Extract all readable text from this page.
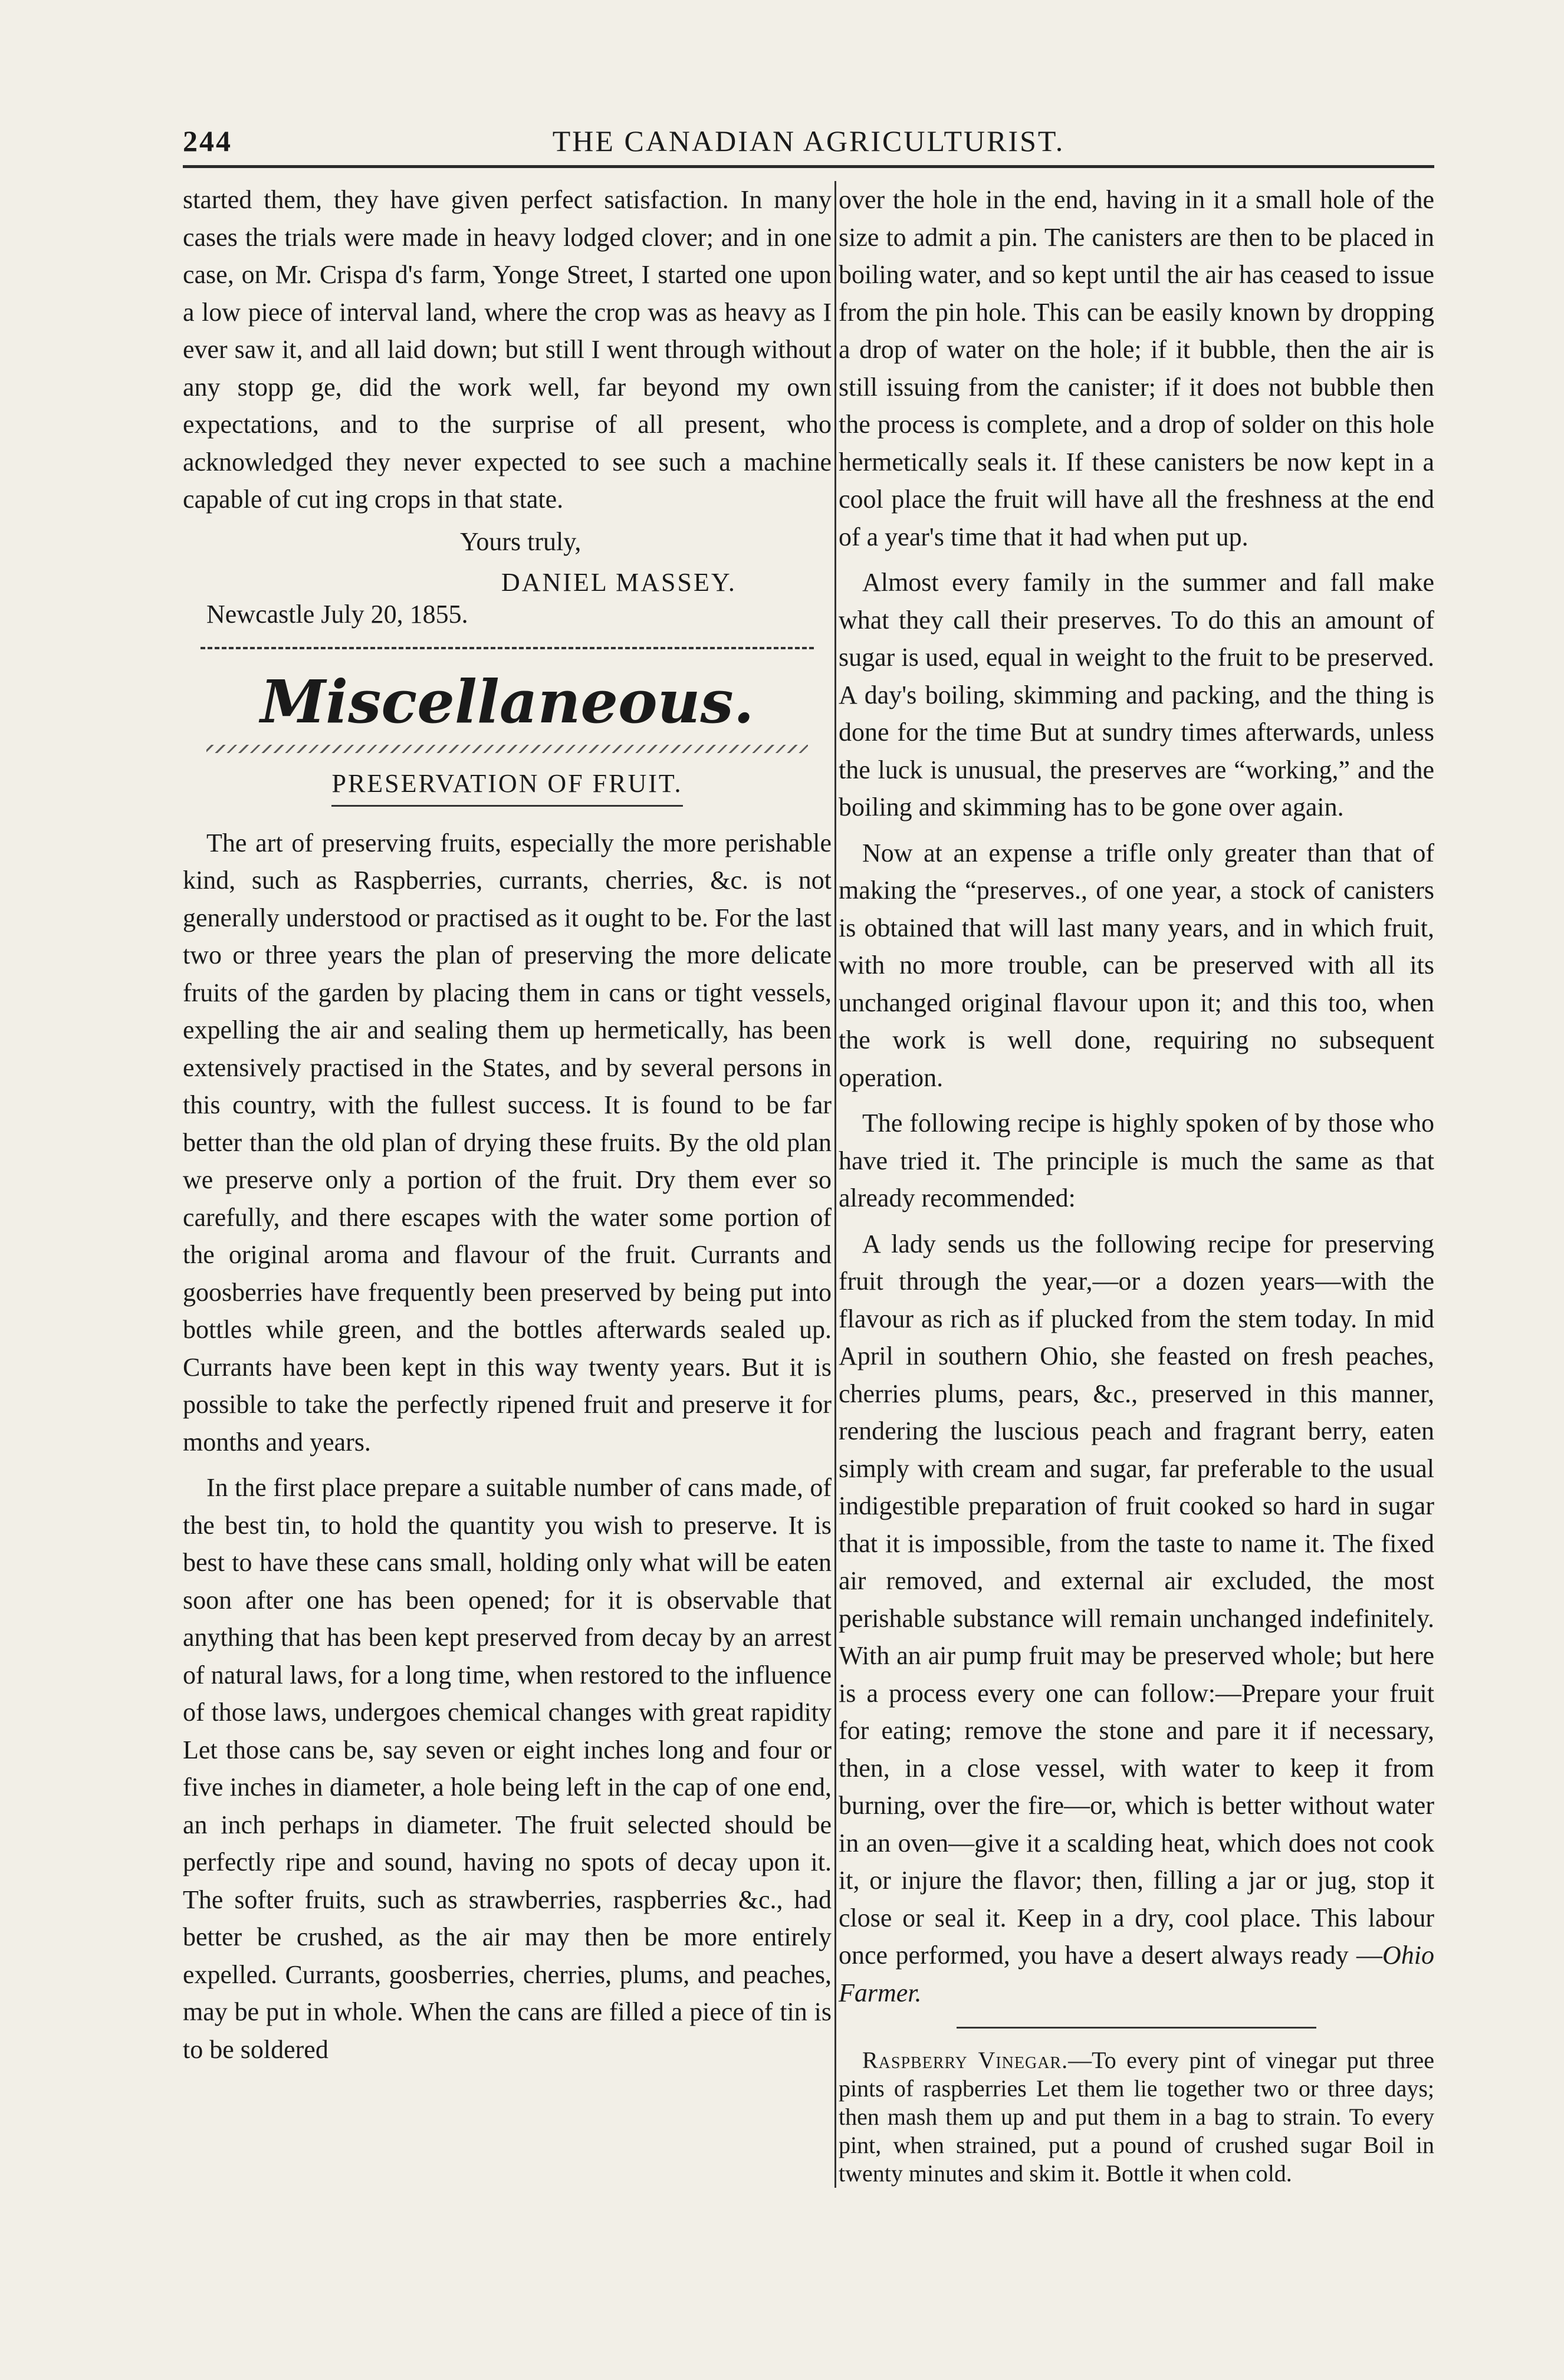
244	THE CANADIAN AGRICULTURIST.

started them, they have given perfect satisfaction. In many cases the trials were made in heavy lodged clover; and in one case, on Mr. Crispa d's farm, Yonge Street, I started one upon a low piece of interval land, where the crop was as heavy as I ever saw it, and all laid down; but still I went through without any stopp ge, did the work well, far beyond my own expectations, and to the surprise of all present, who acknowledged they never expected to see such a machine capable of cut ing crops in that state.

Yours truly,
DANIEL MASSEY.
Newcastle July 20, 1855.
Miscellaneous.
PRESERVATION OF FRUIT.

The art of preserving fruits, especially the more perishable kind, such as Raspberries, currants, cherries, &c. is not generally understood or practised as it ought to be. For the last two or three years the plan of preserving the more delicate fruits of the garden by placing them in cans or tight vessels, expelling the air and sealing them up hermetically, has been extensively practised in the States, and by several persons in this country, with the fullest success. It is found to be far better than the old plan of drying these fruits. By the old plan we preserve only a portion of the fruit. Dry them ever so carefully, and there escapes with the water some portion of the original aroma and flavour of the fruit. Currants and goosberries have frequently been preserved by being put into bottles while green, and the bottles afterwards sealed up. Currants have been kept in this way twenty years. But it is possible to take the perfectly ripened fruit and preserve it for months and years.

In the first place prepare a suitable number of cans made, of the best tin, to hold the quantity you wish to preserve. It is best to have these cans small, holding only what will be eaten soon after one has been opened; for it is observable that anything that has been kept preserved from decay by an arrest of natural laws, for a long time, when restored to the influence of those laws, undergoes chemical changes with great rapidity Let those cans be, say seven or eight inches long and four or five inches in diameter, a hole being left in the cap of one end, an inch perhaps in diameter. The fruit selected should be perfectly ripe and sound, having no spots of decay upon it. The softer fruits, such as strawberries, raspberries &c., had better be crushed, as the air may then be more entirely expelled. Currants, goosberries, cherries, plums, and peaches, may be put in whole. When the cans are filled a piece of tin is to be soldered

over the hole in the end, having in it a small hole of the size to admit a pin. The canisters are then to be placed in boiling water, and so kept until the air has ceased to issue from the pin hole. This can be easily known by dropping a drop of water on the hole; if it bubble, then the air is still issuing from the canister; if it does not bubble then the process is complete, and a drop of solder on this hole hermetically seals it. If these canisters be now kept in a cool place the fruit will have all the freshness at the end of a year's time that it had when put up.

Almost every family in the summer and fall make what they call their preserves. To do this an amount of sugar is used, equal in weight to the fruit to be preserved. A day's boiling, skimming and packing, and the thing is done for the time But at sundry times afterwards, unless the luck is unusual, the preserves are “working,” and the boiling and skimming has to be gone over again.

Now at an expense a trifle only greater than that of making the “preserves., of one year, a stock of canisters is obtained that will last many years, and in which fruit, with no more trouble, can be preserved with all its unchanged original flavour upon it; and this too, when the work is well done, requiring no subsequent operation.

The following recipe is highly spoken of by those who have tried it. The principle is much the same as that already recommended:

A lady sends us the following recipe for preserving fruit through the year,—or a dozen years—with the flavour as rich as if plucked from the stem today. In mid April in southern Ohio, she feasted on fresh peaches, cherries plums, pears, &c., preserved in this manner, rendering the luscious peach and fragrant berry, eaten simply with cream and sugar, far preferable to the usual indigestible preparation of fruit cooked so hard in sugar that it is impossible, from the taste to name it. The fixed air removed, and external air excluded, the most perishable substance will remain unchanged indefinitely. With an air pump fruit may be preserved whole; but here is a process every one can follow:—Prepare your fruit for eating; remove the stone and pare it if necessary, then, in a close vessel, with water to keep it from burning, over the fire—or, which is better without water in an oven—give it a scalding heat, which does not cook it, or injure the flavor; then, filling a jar or jug, stop it close or seal it. Keep in a dry, cool place. This labour once performed, you have a desert always ready —Ohio Farmer.

Raspberry Vinegar.—To every pint of vinegar put three pints of raspberries Let them lie together two or three days; then mash them up and put them in a bag to strain. To every pint, when strained, put a pound of crushed sugar Boil in twenty minutes and skim it. Bottle it when cold.
